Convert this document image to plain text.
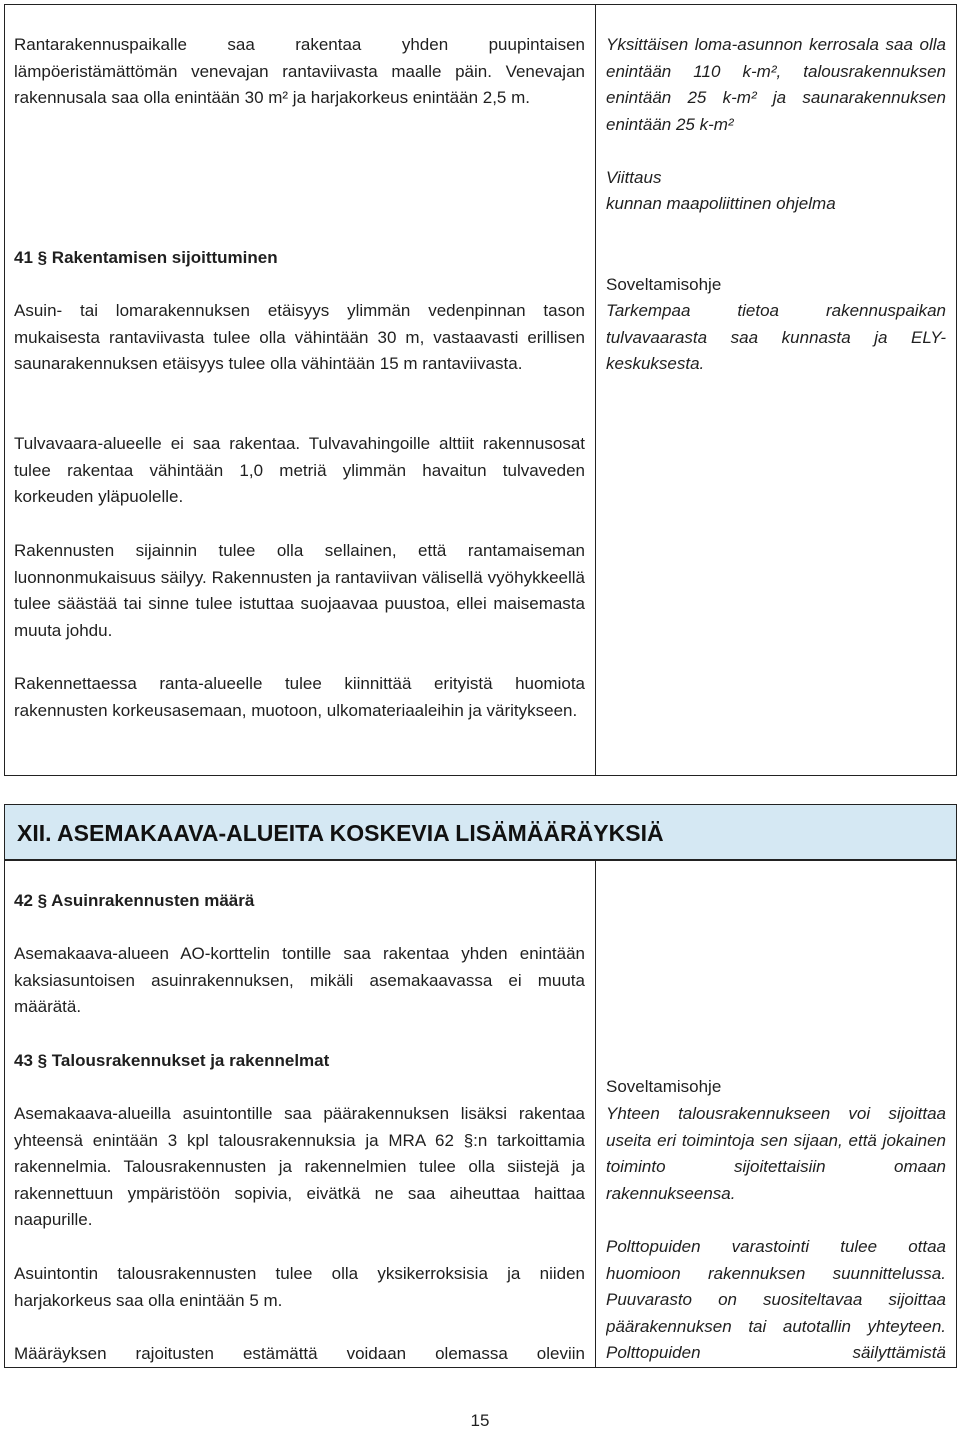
Rantarakennuspaikalle saa rakentaa yhden puupintaisen lämpöeristämättömän venevajan rantaviivasta maalle päin. Venevajan rakennusala saa olla enintään 30 m² ja harjakorkeus enintään 2,5 m.

Yksittäisen loma-asunnon kerrosala saa olla enintään 110 k-m², talousrakennuksen enintään 25 k-m² ja saunarakennuksen enintään 25 k-m²

Viittaus

kunnan maapoliittinen ohjelma

41 § Rakentamisen sijoittuminen

Asuin- tai lomarakennuksen etäisyys ylimmän vedenpinnan tason mukaisesta rantaviivasta tulee olla vähintään 30 m, vastaavasti erillisen saunarakennuksen etäisyys tulee olla vähintään 15 m rantaviivasta.

Tulvavaara-alueelle ei saa rakentaa. Tulvavahingoille alttiit rakennusosat tulee rakentaa vähintään 1,0 metriä ylimmän havaitun tulvaveden korkeuden yläpuolelle.

Rakennusten sijainnin tulee olla sellainen, että rantamaiseman luonnonmukaisuus säilyy. Rakennusten ja rantaviivan välisellä vyöhykkeellä tulee säästää tai sinne tulee istuttaa suojaavaa puustoa, ellei maisemasta muuta johdu.

Rakennettaessa ranta-alueelle tulee kiinnittää erityistä huomiota rakennusten korkeusasemaan, muotoon, ulkomateriaaleihin ja väritykseen.

Soveltamisohje

Tarkempaa tietoa rakennuspaikan tulvavaarasta saa kunnasta ja ELY-keskuksesta.

XII. ASEMAKAAVA-ALUEITA KOSKEVIA LISÄMÄÄRÄYKSIÄ

42 § Asuinrakennusten määrä

Asemakaava-alueen AO-korttelin tontille saa rakentaa yhden enintään kaksiasuntoisen asuinrakennuksen, mikäli asemakaavassa ei muuta määrätä.

43 § Talousrakennukset ja rakennelmat

Asemakaava-alueilla asuintontille saa päärakennuksen lisäksi rakentaa yhteensä enintään 3 kpl talousrakennuksia ja MRA 62 §:n tarkoittamia rakennelmia. Talousrakennusten ja rakennelmien tulee olla siistejä ja rakennettuun ympäristöön sopivia, eivätkä ne saa aiheuttaa haittaa naapurille.

Asuintontin talousrakennusten tulee olla yksikerroksisia ja niiden harjakorkeus saa olla enintään 5 m.

Määräyksen rajoitusten estämättä voidaan olemassa oleviin

Soveltamisohje

Yhteen talousrakennukseen voi sijoittaa useita eri toimintoja sen sijaan, että jokainen toiminto sijoitettaisiin omaan rakennukseensa.

Polttopuiden varastointi tulee ottaa huomioon rakennuksen suunnittelussa. Puuvarasto on suositeltavaa sijoittaa päärakennuksen tai autotallin yhteyteen. Polttopuiden säilyttämistä

15
